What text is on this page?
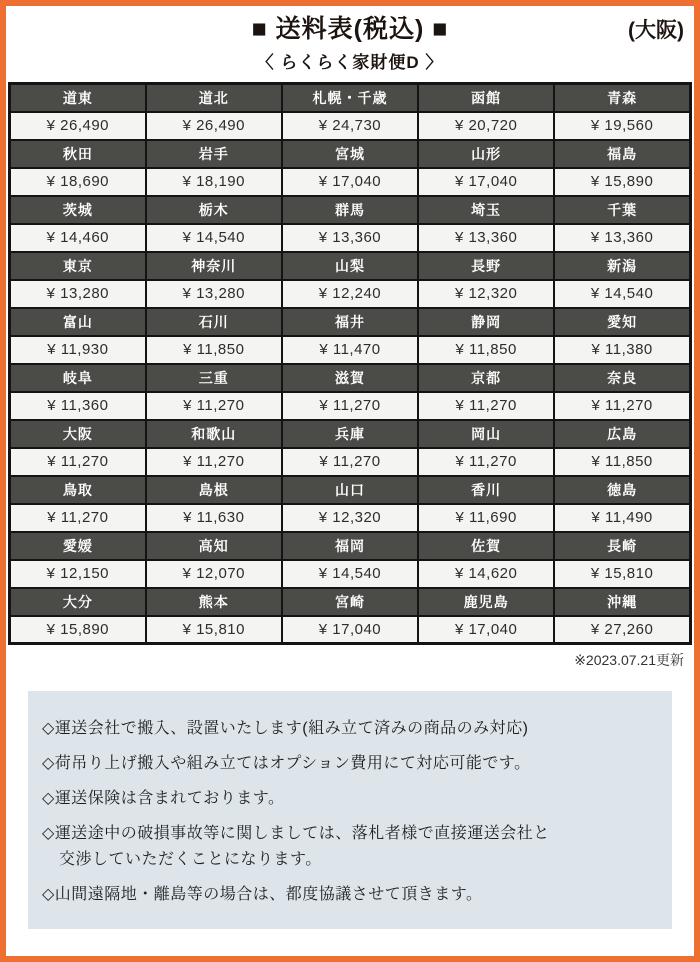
■ 送料表(税込) ■	(大阪)
〈 らくらく家財便D 〉
道東	道北	札幌・千歳	函館	青森
¥ 26,490	¥ 26,490	¥ 24,730	¥ 20,720	¥ 19,560
秋田	岩手	宮城	山形	福島
¥ 18,690	¥ 18,190	¥ 17,040	¥ 17,040	¥ 15,890
茨城	栃木	群馬	埼玉	千葉
¥ 14,460	¥ 14,540	¥ 13,360	¥ 13,360	¥ 13,360
東京	神奈川	山梨	長野	新潟
¥ 13,280	¥ 13,280	¥ 12,240	¥ 12,320	¥ 14,540
富山	石川	福井	静岡	愛知
¥ 11,930	¥ 11,850	¥ 11,470	¥ 11,850	¥ 11,380
岐阜	三重	滋賀	京都	奈良
¥ 11,360	¥ 11,270	¥ 11,270	¥ 11,270	¥ 11,270
大阪	和歌山	兵庫	岡山	広島
¥ 11,270	¥ 11,270	¥ 11,270	¥ 11,270	¥ 11,850
鳥取	島根	山口	香川	徳島
¥ 11,270	¥ 11,630	¥ 12,320	¥ 11,690	¥ 11,490
愛媛	高知	福岡	佐賀	長崎
¥ 12,150	¥ 12,070	¥ 14,540	¥ 14,620	¥ 15,810
大分	熊本	宮崎	鹿児島	沖縄
¥ 15,890	¥ 15,810	¥ 17,040	¥ 17,040	¥ 27,260
※2023.07.21更新
◇運送会社で搬入、設置いたします(組み立て済みの商品のみ対応)
◇荷吊り上げ搬入や組み立てはオプション費用にて対応可能です。
◇運送保険は含まれております。
◇運送途中の破損事故等に関しましては、落札者様で直接運送会社と
交渉していただくことになります。
◇山間遠隔地・離島等の場合は、都度協議させて頂きます。
